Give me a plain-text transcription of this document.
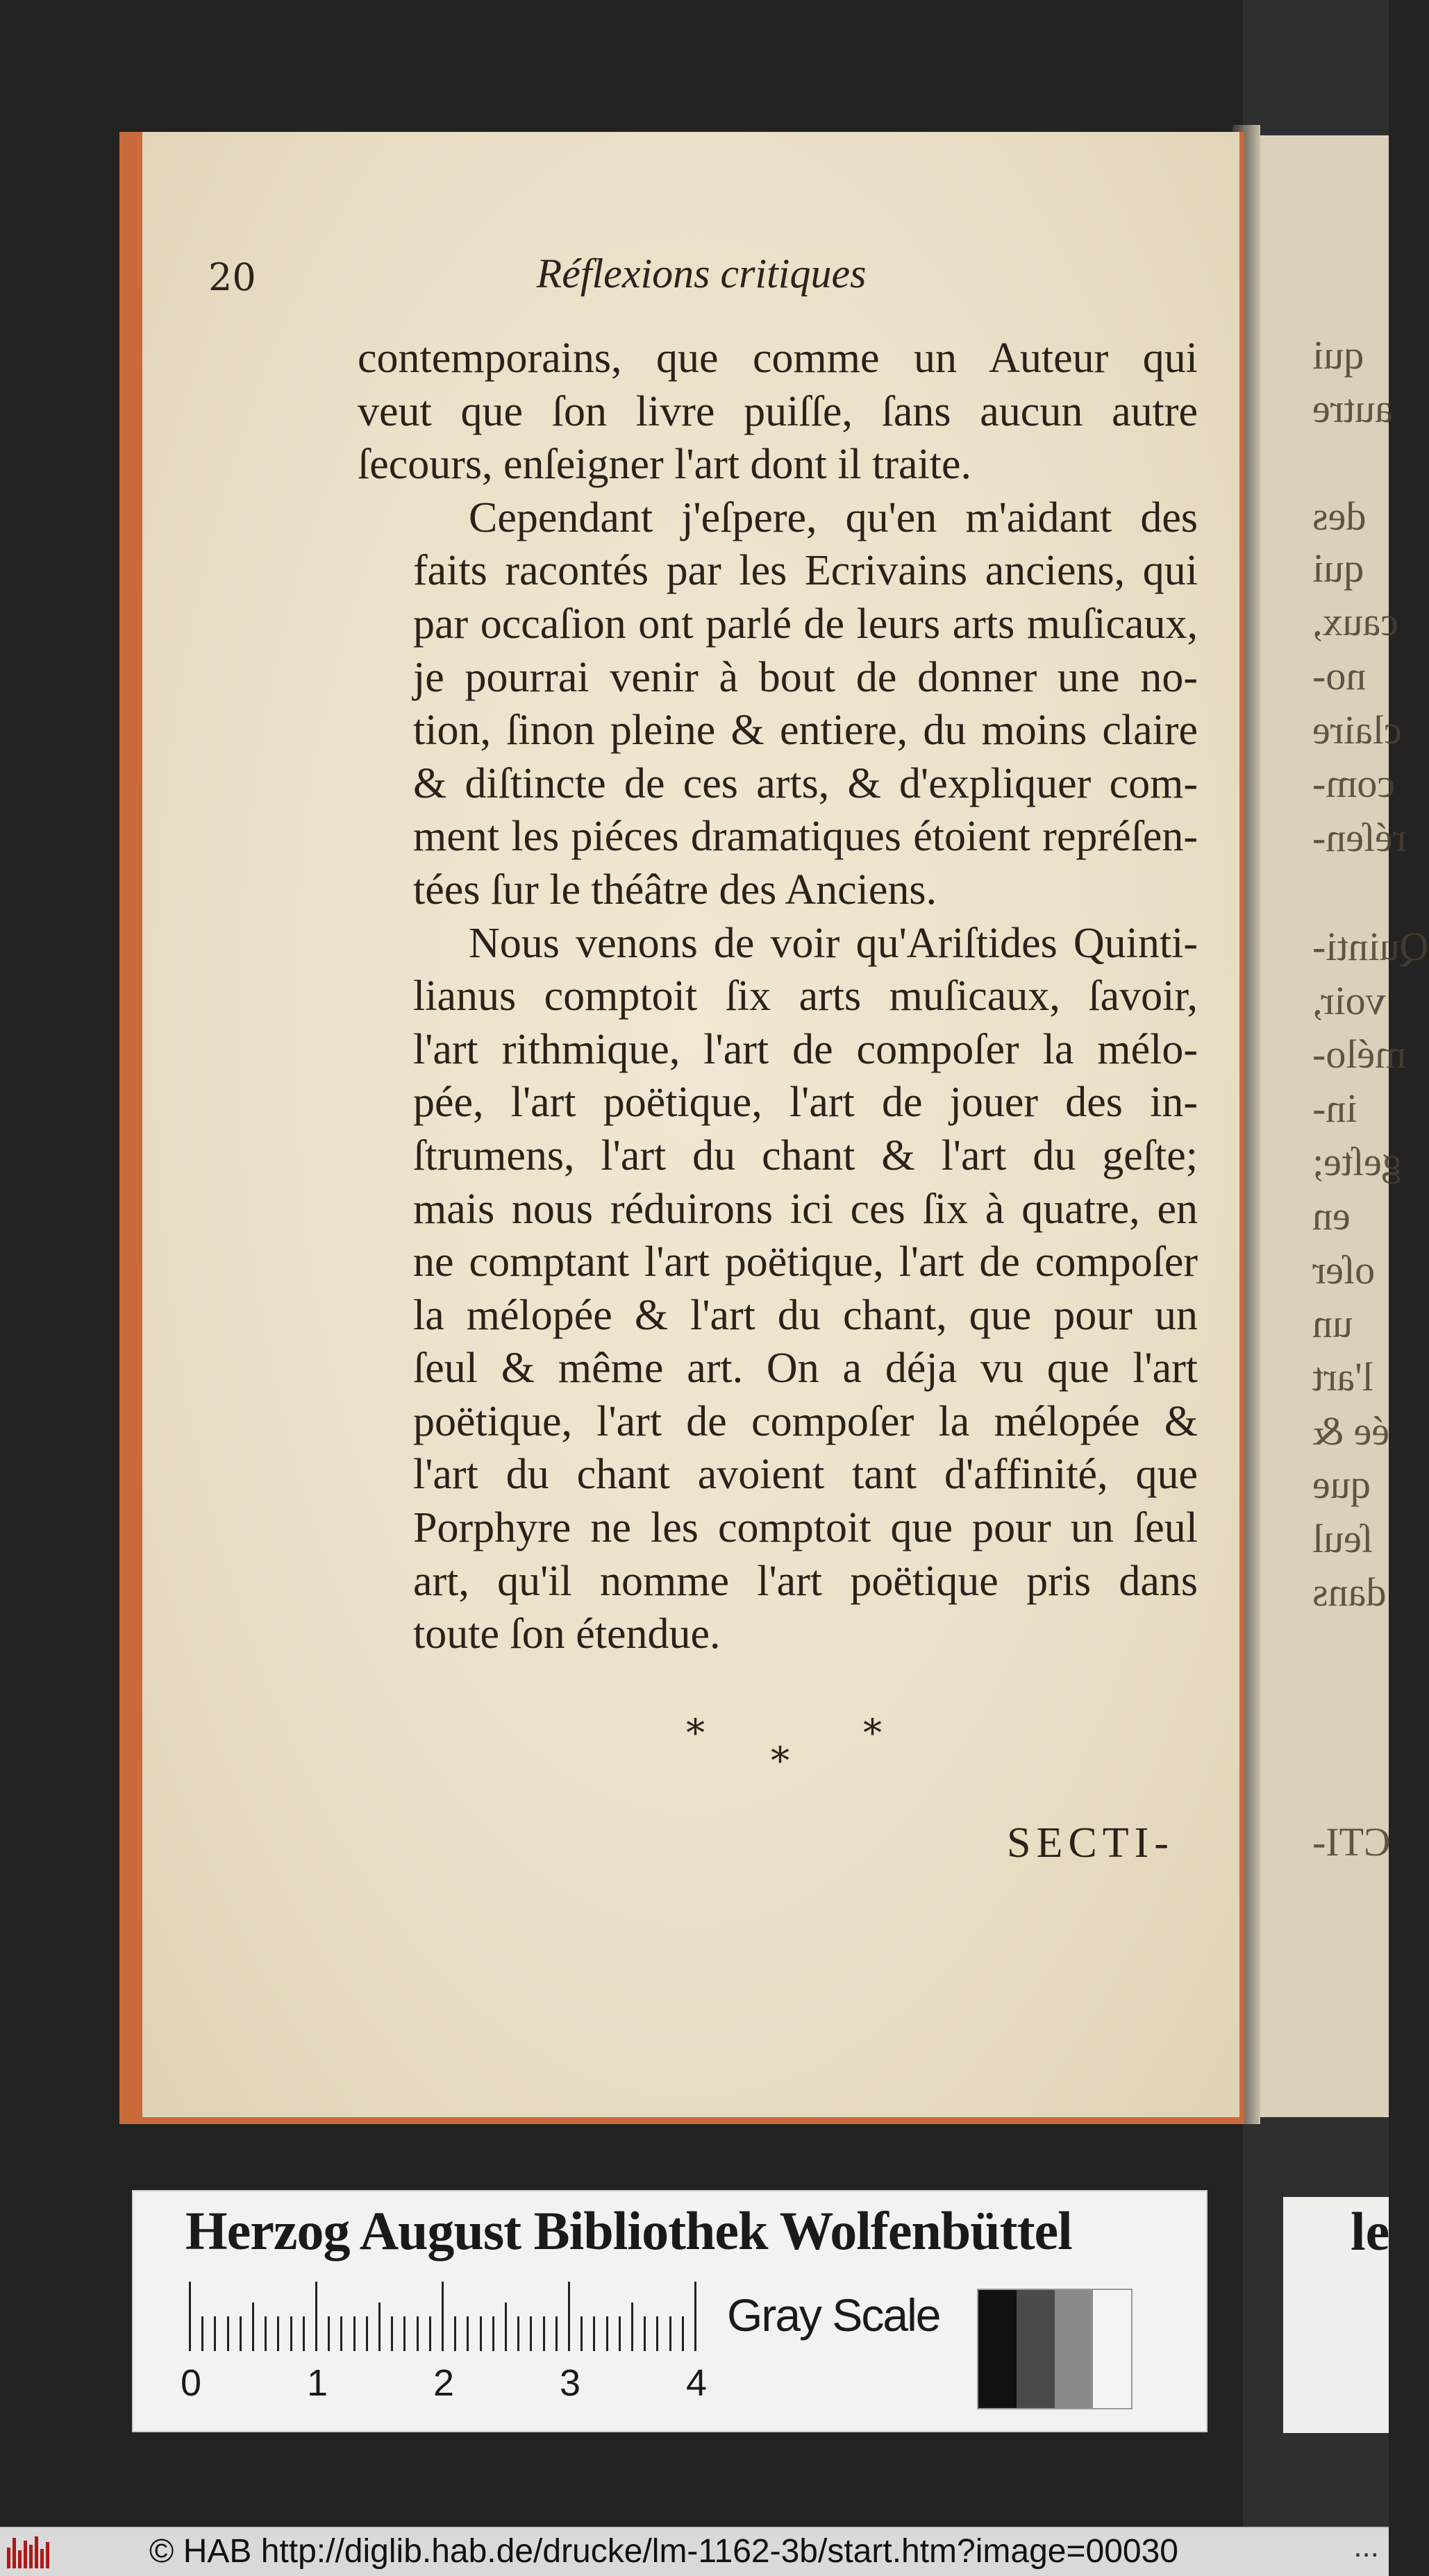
qui
autre
des
qui
caux,
no-
claire
com-
réſen-
Quinti-
voir,
mélo-
in-
geſte;
en
oſer
un
l'art
ée &
que
ſeul
dans
CTI-
20	Réflexions critiques
contemporains, que comme un Auteur qui
veut que ſon livre puiſſe, ſans aucun autre
ſecours, enſeigner l'art dont il traite.
Cependant j'eſpere, qu'en m'aidant des
faits racontés par les Ecrivains anciens, qui
par occaſion ont parlé de leurs arts muſicaux,
je pourrai venir à bout de donner une no-
tion, ſinon pleine & entiere, du moins claire
& diſtincte de ces arts, & d'expliquer com-
ment les piéces dramatiques étoient repréſen-
tées ſur le théâtre des Anciens.
Nous venons de voir qu'Ariſtides Quinti-
lianus comptoit ſix arts muſicaux, ſavoir,
l'art rithmique, l'art de compoſer la mélo-
pée, l'art poëtique, l'art de jouer des in-
ſtrumens, l'art du chant & l'art du geſte;
mais nous réduirons ici ces ſix à quatre, en
ne comptant l'art poëtique, l'art de compoſer
la mélopée & l'art du chant, que pour un
ſeul & même art. On a déja vu que l'art
poëtique, l'art de compoſer la mélopée &
l'art du chant avoient tant d'affinité, que
Porphyre ne les comptoit que pour un ſeul
art, qu'il nomme l'art poëtique pris dans
toute ſon étendue.
*
*
*
SECTI-
Herzog August Bibliothek Wolfenbüttel
0	1	2	3	4
Gray Scale
le
© HAB http://diglib.hab.de/drucke/lm-1162-3b/start.htm?image=00030	...
